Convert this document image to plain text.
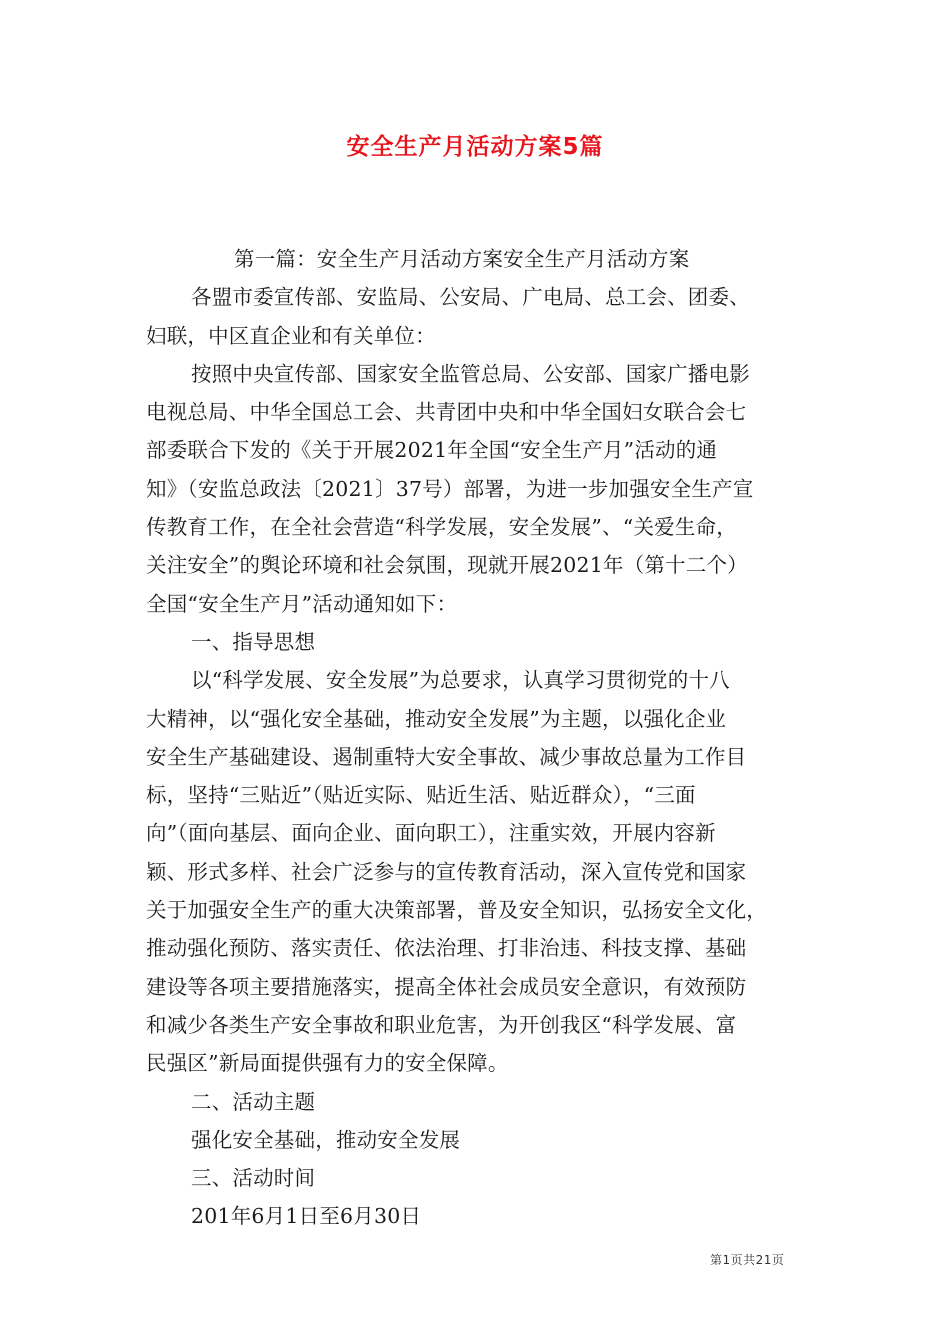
安全生产月活动方案5篇
第一篇：安全生产月活动方案安全生产月活动方案
各盟市委宣传部、安监局、公安局、广电局、总工会、团委、
妇联，中区直企业和有关单位：
按照中央宣传部、国家安全监管总局、公安部、国家广播电影
电视总局、中华全国总工会、共青团中央和中华全国妇女联合会七
部委联合下发的《关于开展2021年全国“安全生产月”活动的通
知》（安监总政法〔2021〕37号）部署，为进一步加强安全生产宣
传教育工作，在全社会营造“科学发展，安全发展”、“关爱生命，
关注安全”的舆论环境和社会氛围，现就开展2021年（第十二个）
全国“安全生产月”活动通知如下：
一、指导思想
以“科学发展、安全发展”为总要求，认真学习贯彻党的十八
大精神，以“强化安全基础，推动安全发展”为主题，以强化企业
安全生产基础建设、遏制重特大安全事故、减少事故总量为工作目
标，坚持“三贴近”（贴近实际、贴近生活、贴近群众），“三面
向”（面向基层、面向企业、面向职工），注重实效，开展内容新
颖、形式多样、社会广泛参与的宣传教育活动，深入宣传党和国家
关于加强安全生产的重大决策部署，普及安全知识，弘扬安全文化，
推动强化预防、落实责任、依法治理、打非治违、科技支撑、基础
建设等各项主要措施落实，提高全体社会成员安全意识，有效预防
和减少各类生产安全事故和职业危害，为开创我区“科学发展、富
民强区”新局面提供强有力的安全保障。
二、活动主题
强化安全基础，推动安全发展
三、活动时间
201年6月1日至6月30日
第1页共21页
